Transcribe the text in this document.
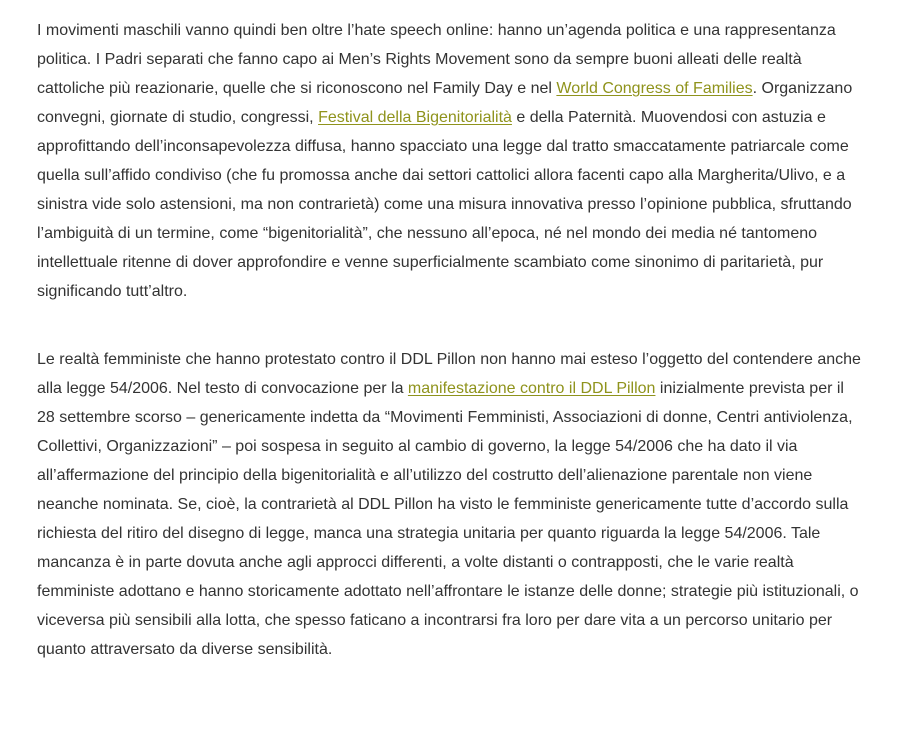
I movimenti maschili vanno quindi ben oltre l’hate speech online: hanno un’agenda politica e una rappresentanza politica. I Padri separati che fanno capo ai Men’s Rights Movement sono da sempre buoni alleati delle realtà cattoliche più reazionarie, quelle che si riconoscono nel Family Day e nel World Congress of Families. Organizzano convegni, giornate di studio, congressi, Festival della Bigenitorialità e della Paternità. Muovendosi con astuzia e approfittando dell’inconsapevolezza diffusa, hanno spacciato una legge dal tratto smaccatamente patriarcale come quella sull’affido condiviso (che fu promossa anche dai settori cattolici allora facenti capo alla Margherita/Ulivo, e a sinistra vide solo astensioni, ma non contrarietà) come una misura innovativa presso l’opinione pubblica, sfruttando l’ambiguità di un termine, come “bigenitorialità”, che nessuno all’epoca, né nel mondo dei media né tantomeno intellettuale ritenne di dover approfondire e venne superficialmente scambiato come sinonimo di paritarietà, pur significando tutt’altro.

Le realtà femministe che hanno protestato contro il DDL Pillon non hanno mai esteso l’oggetto del contendere anche alla legge 54/2006. Nel testo di convocazione per la manifestazione contro il DDL Pillon inizialmente prevista per il 28 settembre scorso – genericamente indetta da “Movimenti Femministi, Associazioni di donne, Centri antiviolenza, Collettivi, Organizzazioni” – poi sospesa in seguito al cambio di governo, la legge 54/2006 che ha dato il via all’affermazione del principio della bigenitorialità e all’utilizzo del costrutto dell’alienazione parentale non viene neanche nominata. Se, cioè, la contrarietà al DDL Pillon ha visto le femministe genericamente tutte d’accordo sulla richiesta del ritiro del disegno di legge, manca una strategia unitaria per quanto riguarda la legge 54/2006. Tale mancanza è in parte dovuta anche agli approcci differenti, a volte distanti o contrapposti, che le varie realtà femministe adottano e hanno storicamente adottato nell’affrontare le istanze delle donne; strategie più istituzionali, o viceversa più sensibili alla lotta, che spesso faticano a incontrarsi fra loro per dare vita a un percorso unitario per quanto attraversato da diverse sensibilità.
